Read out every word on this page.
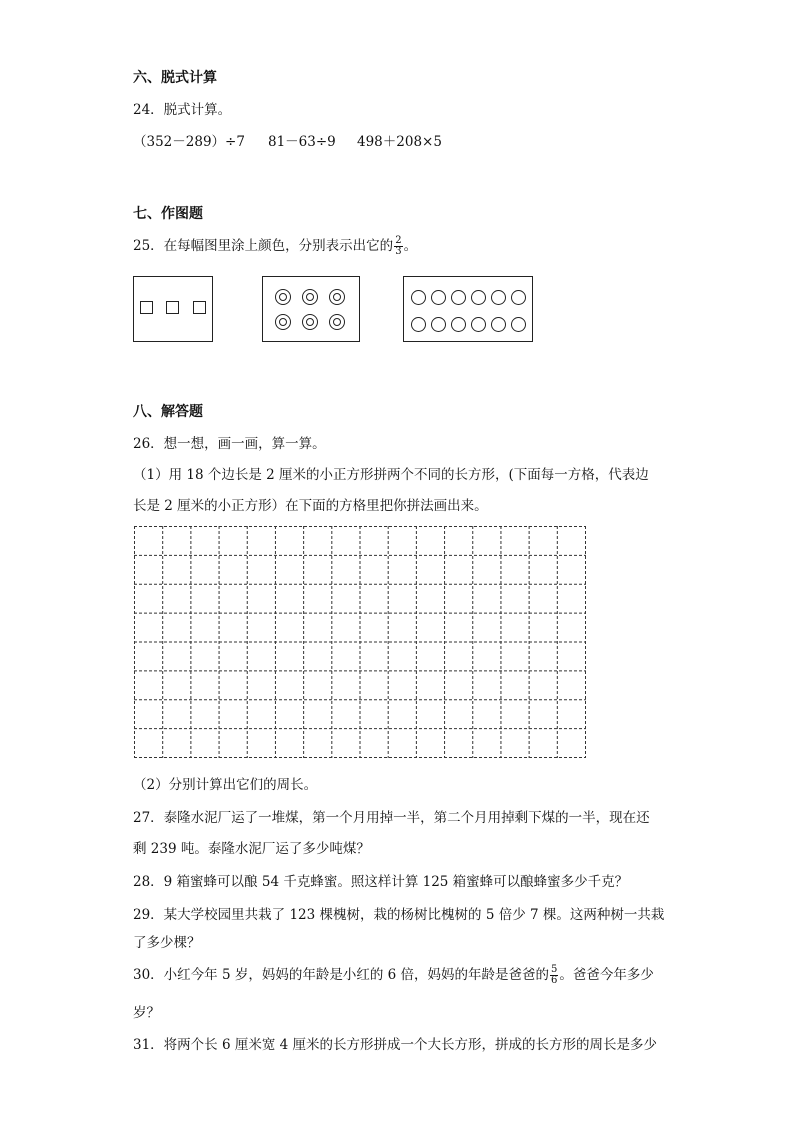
六、脱式计算
24．脱式计算。
（352－289）÷7 81－63÷9 498＋208×5
七、作图题
25．在每幅图里涂上颜色，分别表示出它的 $\frac{2}{3}$ 。
八、解答题
26．想一想，画一画，算一算。
（1）用 18 个边长是 2 厘米的小正方形拼两个不同的长方形，(下面每一方格，代表边
长是 2 厘米的小正方形）在下面的方格里把你拼法画出来。
（2）分别计算出它们的周长。
27．泰隆水泥厂运了一堆煤，第一个月用掉一半，第二个月用掉剩下煤的一半，现在还
剩 239 吨。泰隆水泥厂运了多少吨煤？
28．9 箱蜜蜂可以酿 54 千克蜂蜜。照这样计算 125 箱蜜蜂可以酿蜂蜜多少千克？
29．某大学校园里共栽了 123 棵槐树，栽的杨树比槐树的 5 倍少 7 棵。这两种树一共栽
了多少棵？
30．小红今年 5 岁，妈妈的年龄是小红的 6 倍，妈妈的年龄是爸爸的 $\frac{5}{6}$ 。爸爸今年多少
岁？
31．将两个长 6 厘米宽 4 厘米的长方形拼成一个大长方形，拼成的长方形的周长是多少
